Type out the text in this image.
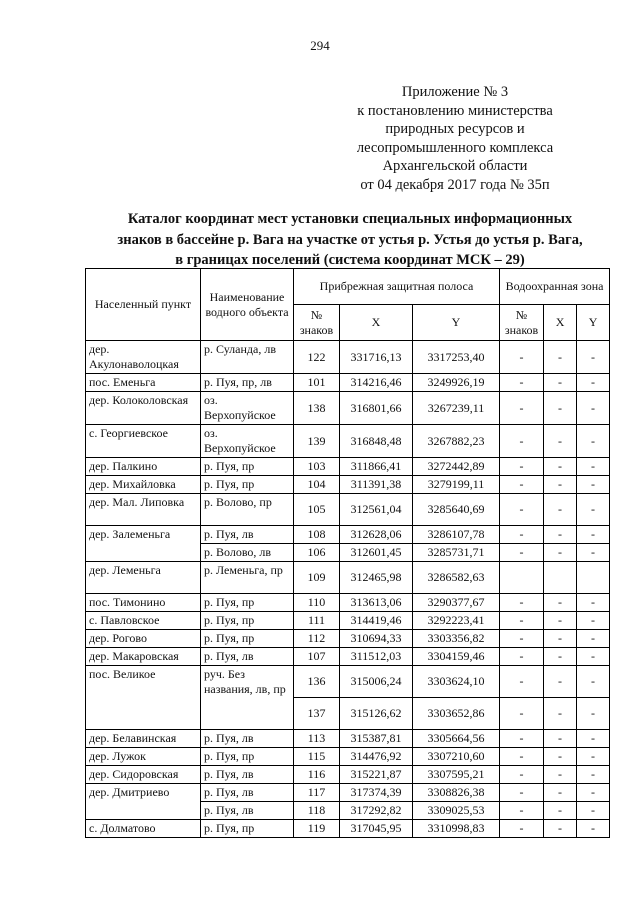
294
Приложение № 3
к постановлению министерства
природных ресурсов и
лесопромышленного комплекса
Архангельской области
от 04 декабря 2017 года № 35п
Каталог координат мест установки специальных информационных
знаков в бассейне р. Вага на участке от устья р. Устья до устья р. Вага,
в границах поселений (система координат МСК – 29)
Населенный пункт	Наименование водного объекта	Прибрежная защитная полоса			Водоохранная зона		
		№ знаков	X	Y	№ знаков	X	Y
дер. Акулонаволоцкая	р. Суланда, лв	122	331716,13	3317253,40	-	-	-
пос. Еменьга	р. Пуя, пр, лв	101	314216,46	3249926,19	-	-	-
дер. Колоколовская	оз. Верхопуйское	138	316801,66	3267239,11	-	-	-
с. Георгиевское	оз. Верхопуйское	139	316848,48	3267882,23	-	-	-
дер. Палкино	р. Пуя, пр	103	311866,41	3272442,89	-	-	-
дер. Михайловка	р. Пуя, пр	104	311391,38	3279199,11	-	-	-
дер. Мал. Липовка	р. Волово, пр	105	312561,04	3285640,69	-	-	-
дер. Залеменьга	р. Пуя, лв	108	312628,06	3286107,78	-	-	-
	р. Волово, лв	106	312601,45	3285731,71	-	-	-
дер. Леменьга	р. Леменьга, пр	109	312465,98	3286582,63			
пос. Тимонино	р. Пуя, пр	110	313613,06	3290377,67	-	-	-
с. Павловское	р. Пуя, пр	111	314419,46	3292223,41	-	-	-
дер. Рогово	р. Пуя, пр	112	310694,33	3303356,82	-	-	-
дер. Макаровская	р. Пуя, лв	107	311512,03	3304159,46	-	-	-
пос. Великое	руч. Без названия, лв, пр	136	315006,24	3303624,10	-	-	-
		137	315126,62	3303652,86	-	-	-
дер. Белавинская	р. Пуя, лв	113	315387,81	3305664,56	-	-	-
дер. Лужок	р. Пуя, пр	115	314476,92	3307210,60	-	-	-
дер. Сидоровская	р. Пуя, лв	116	315221,87	3307595,21	-	-	-
дер. Дмитриево	р. Пуя, лв	117	317374,39	3308826,38	-	-	-
	р. Пуя, лв	118	317292,82	3309025,53	-	-	-
с. Долматово	р. Пуя, пр	119	317045,95	3310998,83	-	-	-
